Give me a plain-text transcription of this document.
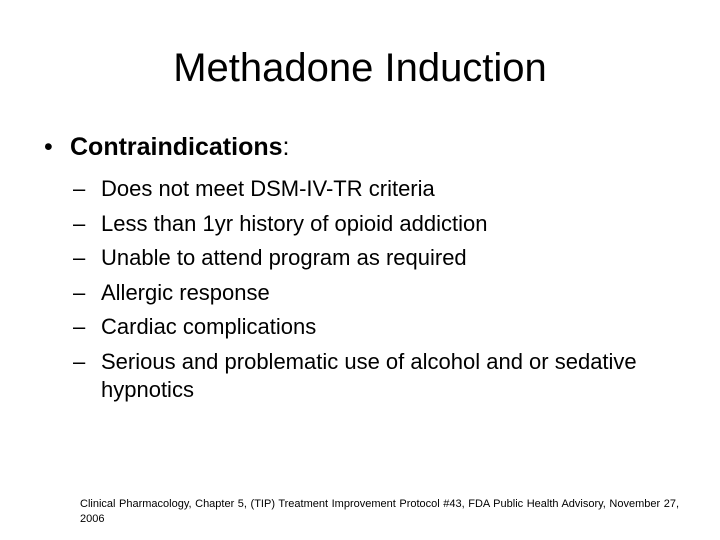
Methadone Induction
• Contraindications:
– Does not meet DSM-IV-TR criteria
– Less than 1yr history of opioid addiction
– Unable to attend program as required
– Allergic response
– Cardiac complications
– Serious and problematic use of alcohol and or sedative hypnotics
Clinical Pharmacology, Chapter 5, (TIP) Treatment Improvement Protocol #43, FDA Public Health Advisory, November 27, 2006
